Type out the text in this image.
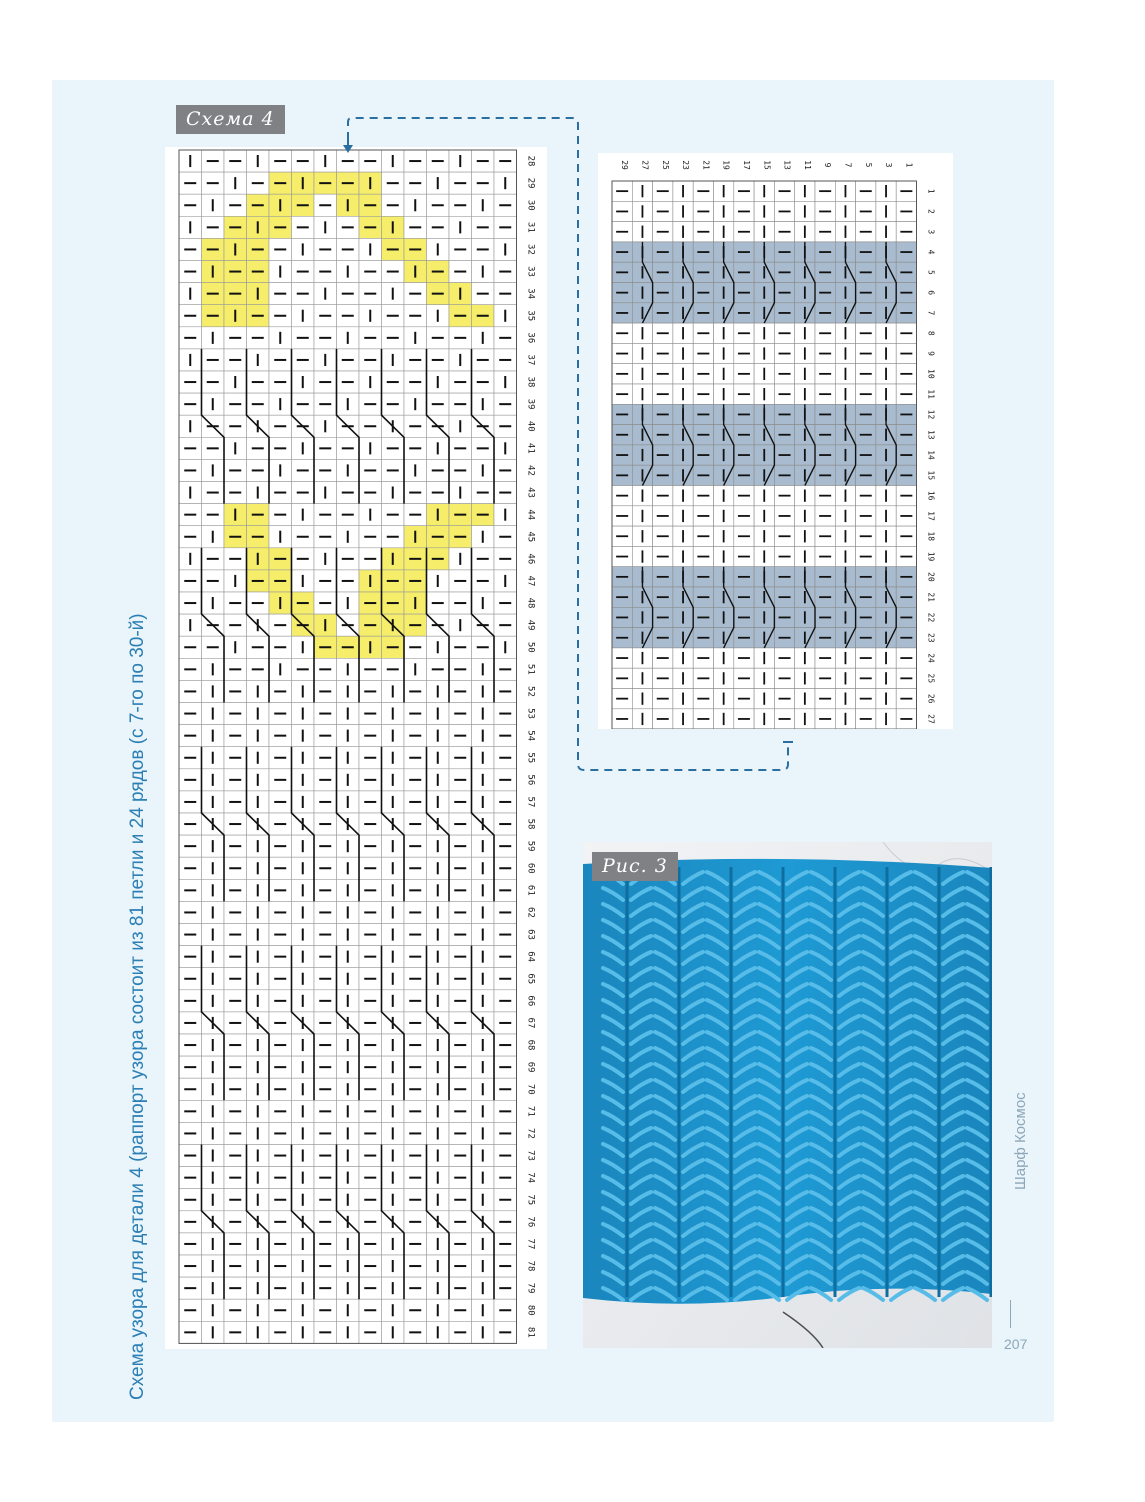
Схема узора для детали 4 (раппорт узора состоит из 81 петли и 24 рядов (с 7-го по 30-й)
Схема 4
28
29
30
31
32
33
34
35
36
37
38
39
40
41
42
43
44
45
46
47
48
49
50
51
52
53
54
55
56
57
58
59
60
61
62
63
64
65
66
67
68
69
70
71
72
73
74
75
76
77
78
79
80
81
29 27 25 23 21 19 17 15 13 11 9 7 5 3 1
1
2
3
4
5
6
7
8
9
10
11
12
13
14
15
16
17
18
19
20
21
22
23
24
25
26
27
Рис. 3
Шарф Космос
207
